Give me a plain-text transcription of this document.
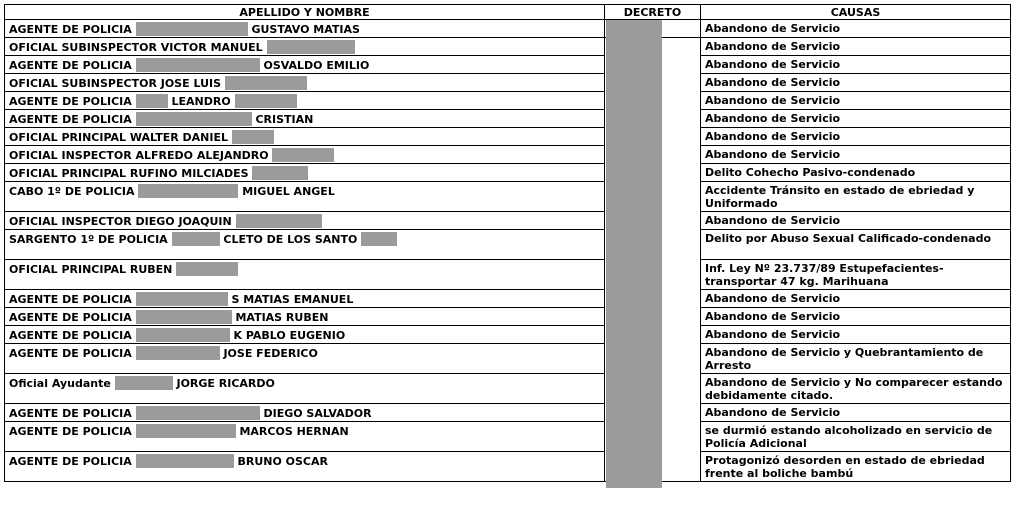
APELLIDO Y NOMBRE	DECRETO	CAUSAS
AGENTE DE POLICIA GUSTAVO MATIAS		Abandono de Servicio
OFICIAL SUBINSPECTOR VICTOR MANUEL		Abandono de Servicio
AGENTE DE POLICIA OSVALDO EMILIO		Abandono de Servicio
OFICIAL SUBINSPECTOR JOSE LUIS		Abandono de Servicio
AGENTE DE POLICIA LEANDRO		Abandono de Servicio
AGENTE DE POLICIA CRISTIAN		Abandono de Servicio
OFICIAL PRINCIPAL WALTER DANIEL		Abandono de Servicio
OFICIAL INSPECTOR ALFREDO ALEJANDRO		Abandono de Servicio
OFICIAL PRINCIPAL RUFINO MILCIADES		Delito Cohecho Pasivo-condenado
CABO 1º DE POLICIA MIGUEL ANGEL		Accidente Tránsito en estado de ebriedad y Uniformado
OFICIAL INSPECTOR DIEGO JOAQUIN		Abandono de Servicio
SARGENTO 1º DE POLICIA CLETO DE LOS SANTO		Delito por Abuso Sexual Calificado-condenado
OFICIAL PRINCIPAL RUBEN		Inf. Ley Nº 23.737/89 Estupefacientes-transportar 47 kg. Marihuana
AGENTE DE POLICIA S MATIAS EMANUEL		Abandono de Servicio
AGENTE DE POLICIA MATIAS RUBEN		Abandono de Servicio
AGENTE DE POLICIA K PABLO EUGENIO		Abandono de Servicio
AGENTE DE POLICIA JOSE FEDERICO		Abandono de Servicio y Quebrantamiento de Arresto
Oficial Ayudante JORGE RICARDO		Abandono de Servicio y No comparecer estando debidamente citado.
AGENTE DE POLICIA DIEGO SALVADOR		Abandono de Servicio
AGENTE DE POLICIA MARCOS HERNAN		se durmió estando alcoholizado en servicio de Policía Adicional
AGENTE DE POLICIA BRUNO OSCAR		Protagonizó desorden en estado de ebriedad frente al boliche bambú
